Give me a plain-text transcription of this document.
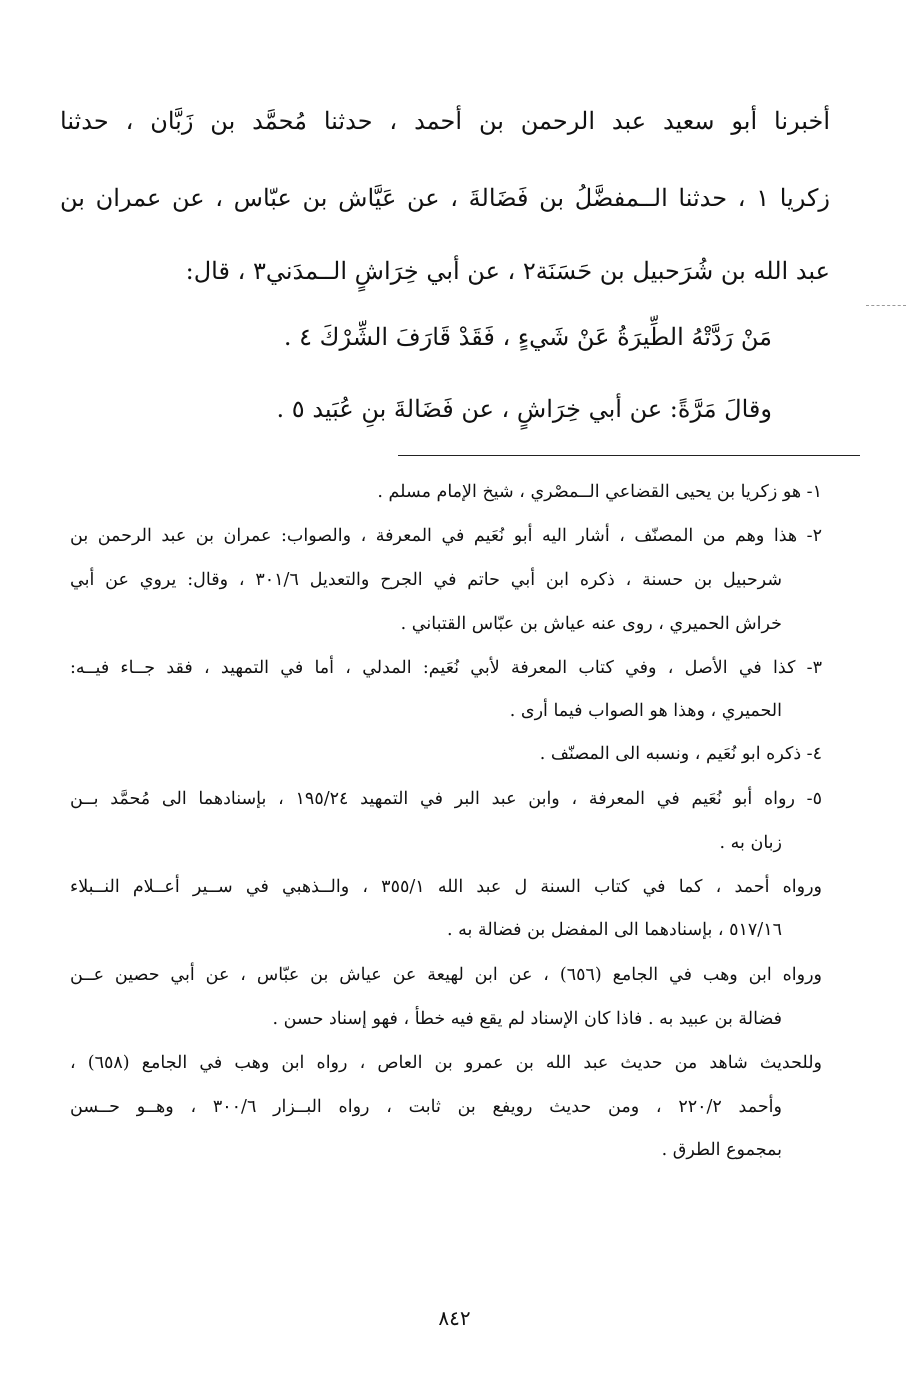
أخبرنا أبو سعيد عبد الرحمن بن أحمد ، حدثنا مُحمَّد بن زَبَّان ، حدثنا
زكريا ١ ، حدثنا الــمفضَّلُ بن فَضَالةَ ، عن عَيَّاش بن عبّاس ، عن عمران بن
عبد الله بن شُرَحبيل بن حَسَنَة٢ ، عن أبي خِرَاشٍ الــمدَني٣ ، قال:
مَنْ رَدَّتْهُ الطِّيرَةُ عَنْ شَيءٍ ، فَقَدْ قَارَفَ الشِّرْكَ ٤ .
وقالَ مَرَّةً: عن أبي خِرَاشٍ ، عن فَضَالةَ بنِ عُبَيد ٥ .
١- هو زكريا بن يحيى القضاعي الــمصْري ، شيخ الإمام مسلم .
٢- هذا وهم من المصنّف ، أشار اليه أبو نُعَيم في المعرفة ، والصواب: عمران بن عبد الرحمن بن
شرحبيل بن حسنة ، ذكره ابن أبي حاتم في الجرح والتعديل ٣٠١/٦ ، وقال: يروي عن أبي
خراش الحميري ، روى عنه عياش بن عبّاس القتباني .
٣- كذا في الأصل ، وفي كتاب المعرفة لأبي نُعَيم: المدلي ، أما في التمهيد ، فقد جــاء فيــه:
الحميري ، وهذا هو الصواب فيما أرى .
٤- ذكره ابو نُعَيم ، ونسبه الى المصنّف .
٥- رواه أبو نُعَيم في المعرفة ، وابن عبد البر في التمهيد ١٩٥/٢٤ ، بإسنادهما الى مُحمَّد بــن
زبان به .
ورواه أحمد ، كما في كتاب السنة ل عبد الله ٣٥٥/١ ، والــذهبي في ســير أعــلام النــبلاء
٥١٧/١٦ ، بإسنادهما الى المفضل بن فضالة به .
ورواه ابن وهب في الجامع (٦٥٦) ، عن ابن لهيعة عن عياش بن عبّاس ، عن أبي حصين عــن
فضالة بن عبيد به . فاذا كان الإسناد لم يقع فيه خطأ ، فهو إسناد حسن .
وللحديث شاهد من حديث عبد الله بن عمرو بن العاص ، رواه ابن وهب في الجامع (٦٥٨) ،
وأحمد ٢٢٠/٢ ، ومن حديث رويفع بن ثابت ، رواه البــزار ٣٠٠/٦ ، وهــو حــسن
بمجموع الطرق .
٨٤٢
